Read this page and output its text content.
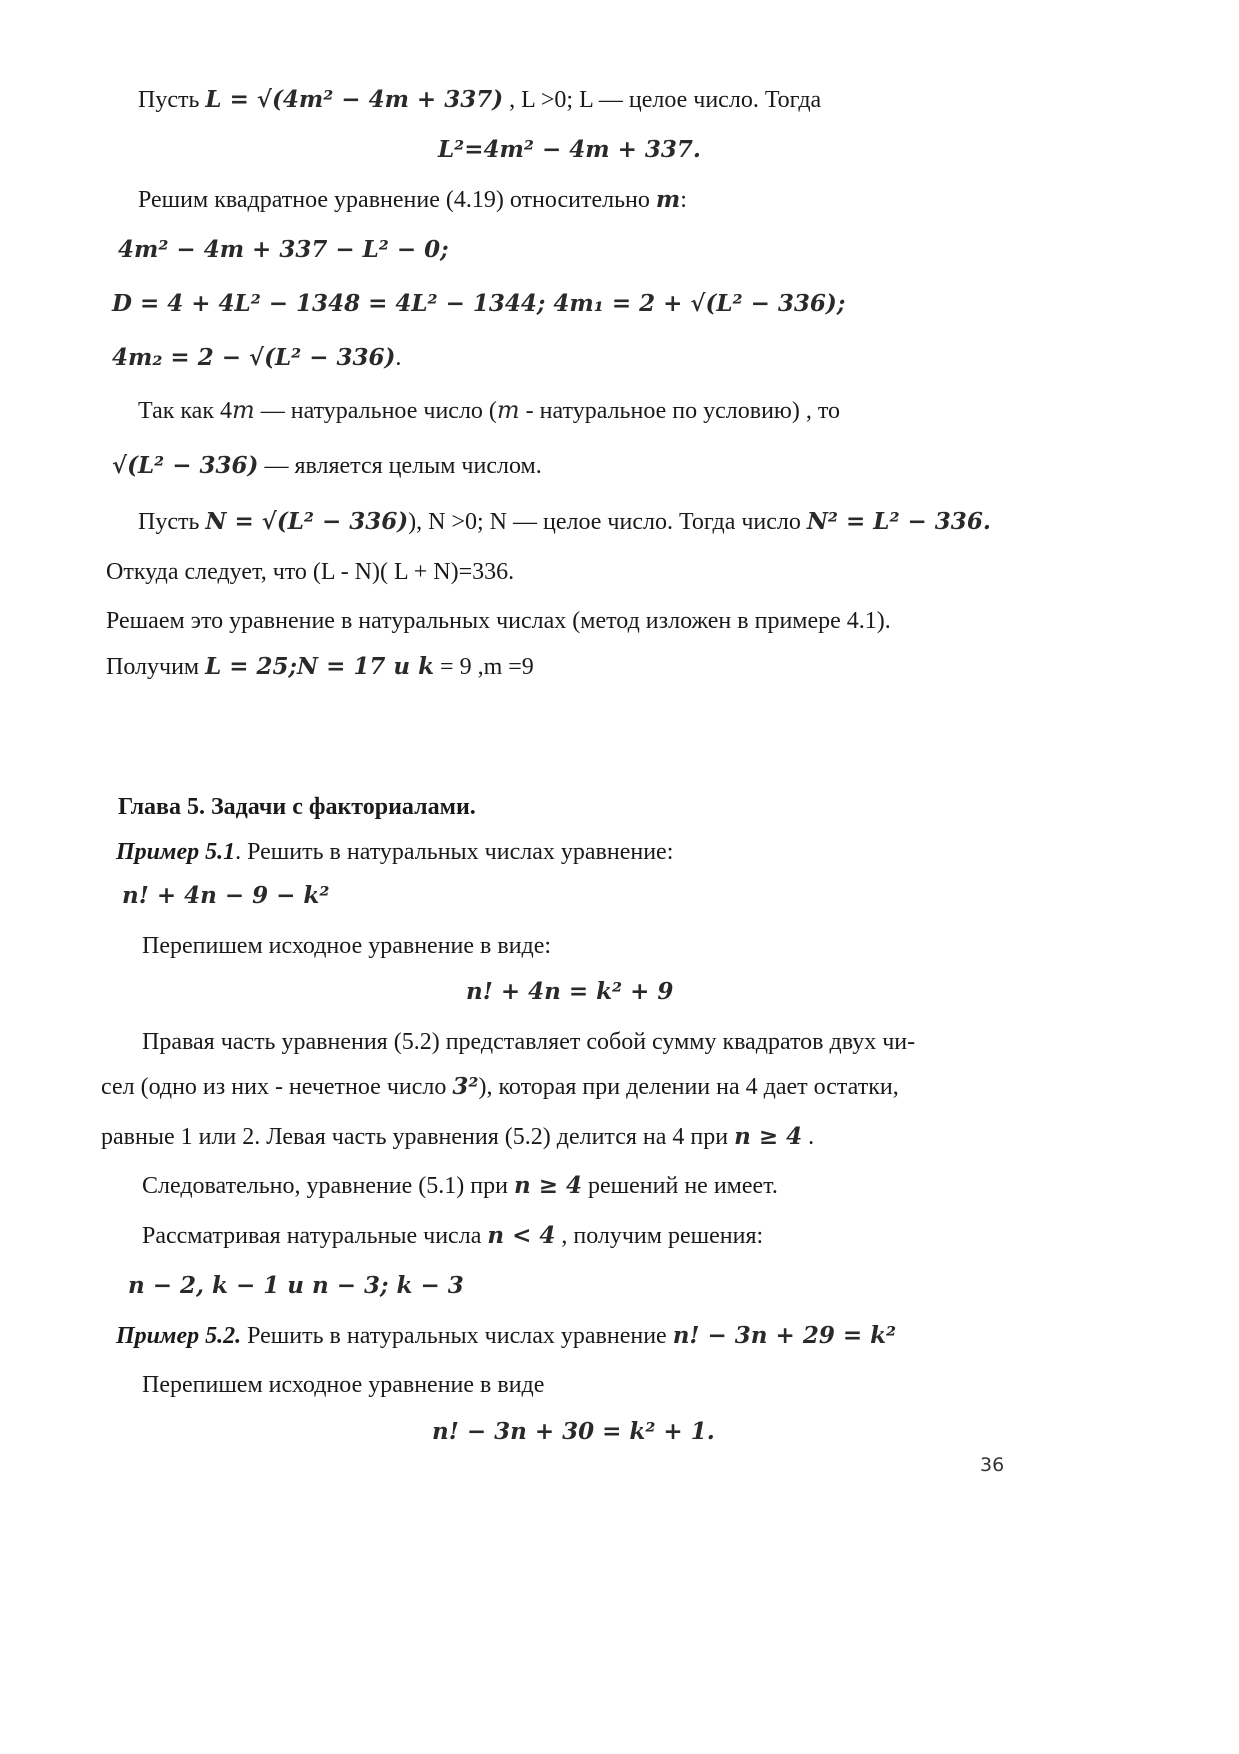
Пусть L = √(4m² − 4m + 337) , L >0; L — целое число. Тогда
L²=4m² − 4m + 337.
Решим квадратное уравнение (4.19) относительно m:
4m² − 4m + 337 − L² − 0;
D = 4 + 4L² − 1348 = 4L² − 1344; 4m₁ = 2 + √(L² − 336);
4m₂ = 2 − √(L² − 336).
Так как 4m — натуральное число (m - натуральное по условию) , то
√(L² − 336) — является целым числом.
Пусть N = √(L² − 336)), N >0; N — целое число. Тогда число N² = L² − 336.
Откуда следует, что (L - N)( L + N)=336.
Решаем это уравнение в натуральных числах (метод изложен в примере 4.1).
Получим L = 25;N = 17 и k = 9 ,m =9
Глава 5. Задачи с факториалами.
Пример 5.1. Решить в натуральных числах уравнение:
n! + 4n − 9 − k²
Перепишем исходное уравнение в виде:
n! + 4n = k² + 9
Правая часть уравнения (5.2) представляет собой сумму квадратов двух чи-
сел (одно из них - нечетное число 3²), которая при делении на 4 дает остатки,
равные 1 или 2. Левая часть уравнения (5.2) делится на 4 при n ≥ 4 .
Следовательно, уравнение (5.1) при n ≥ 4 решений не имеет.
Рассматривая натуральные числа n < 4 , получим решения:
n − 2, k − 1 и n − 3; k − 3
Пример 5.2. Решить в натуральных числах уравнение n! − 3n + 29 = k²
Перепишем исходное уравнение в виде
n! − 3n + 30 = k² + 1.
36
